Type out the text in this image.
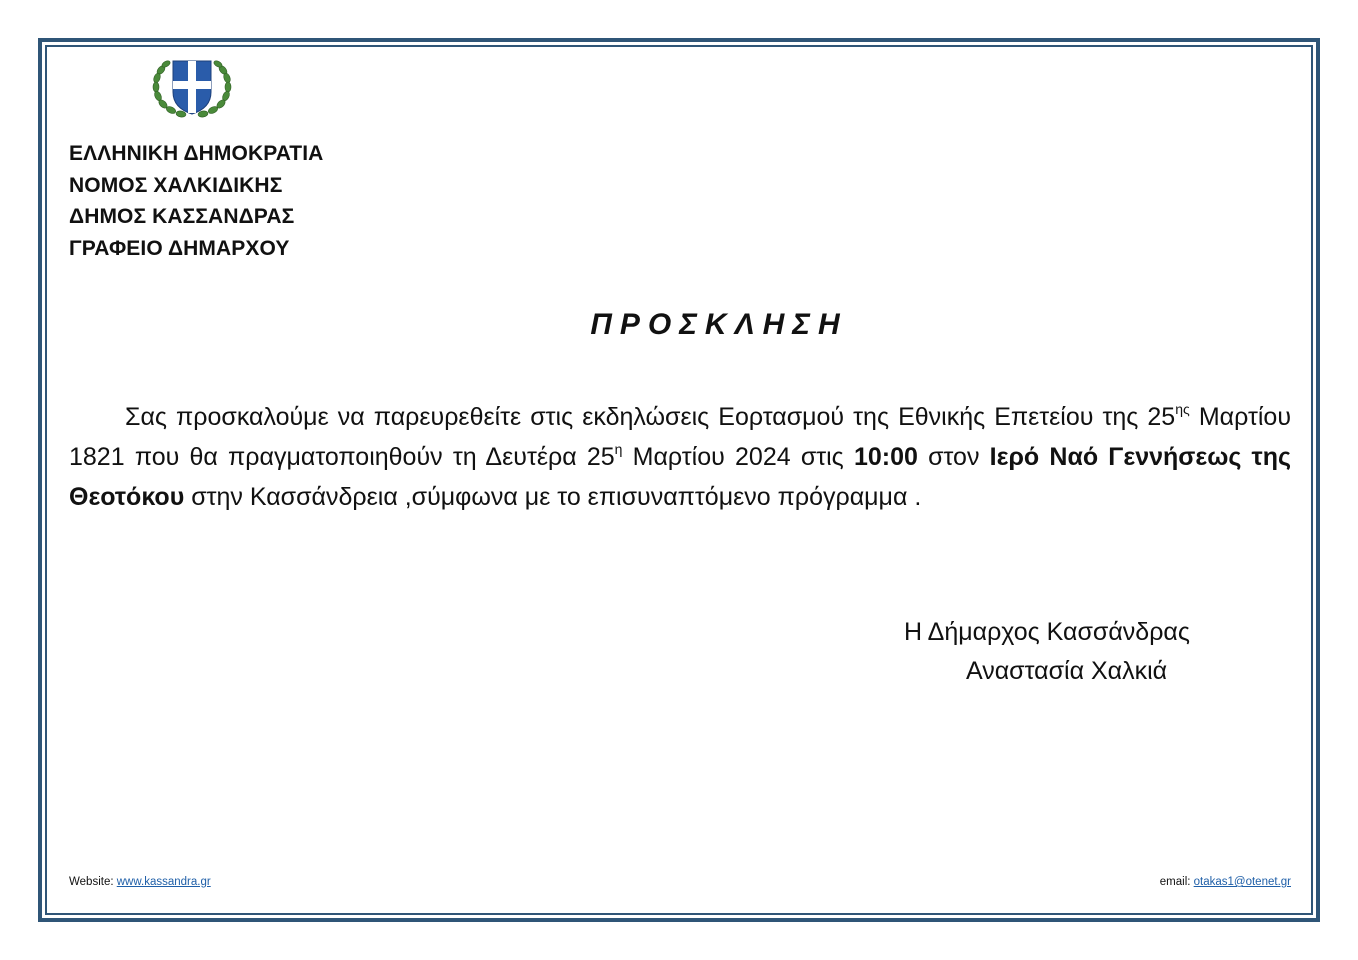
ΕΛΛΗΝΙΚΗ ΔΗΜΟΚΡΑΤΙΑ
ΝΟΜΟΣ ΧΑΛΚΙΔΙΚΗΣ
ΔΗΜΟΣ ΚΑΣΣΑΝΔΡΑΣ
ΓΡΑΦΕΙΟ ΔΗΜΑΡΧΟΥ
ΠΡΟΣΚΛΗΣΗ
Σας προσκαλούμε να παρευρεθείτε στις εκδηλώσεις Εορτασμού της Εθνικής Επετείου της $25^{\eta\varsigma}$ Μαρτίου 1821 που θα πραγματοποιηθούν τη Δευτέρα $25^\eta$ Μαρτίου 2024 στις 10:00 στον Ιερό Ναό Γεννήσεως της Θεοτόκου στην Κασσάνδρεια ,σύμφωνα με το επισυναπτόμενο πρόγραμμα .
Η Δήμαρχος Κασσάνδρας
Αναστασία Χαλκιά
Website: www.kassandra.gr	email: otakas1@otenet.gr
